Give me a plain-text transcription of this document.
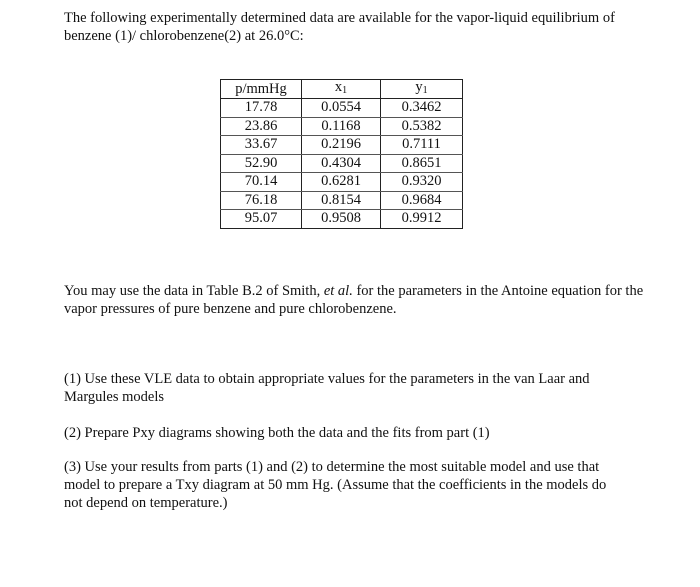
The following experimentally determined data are available for the vapor-liquid equilibrium of benzene (1)/ chlorobenzene(2) at 26.0°C:

p/mmHg	$x_1$	$y_1$
17.78	0.0554	0.3462
23.86	0.1168	0.5382
33.67	0.2196	0.7111
52.90	0.4304	0.8651
70.14	0.6281	0.9320
76.18	0.8154	0.9684
95.07	0.9508	0.9912

You may use the data in Table B.2 of Smith, et al. for the parameters in the Antoine equation for the vapor pressures of pure benzene and pure chlorobenzene.

(1) Use these VLE data to obtain appropriate values for the parameters in the van Laar and Margules models

(2) Prepare Pxy diagrams showing both the data and the fits from part (1)

(3) Use your results from parts (1) and (2) to determine the most suitable model and use that model to prepare a Txy diagram at 50 mm Hg. (Assume that the coefficients in the models do not depend on temperature.)
